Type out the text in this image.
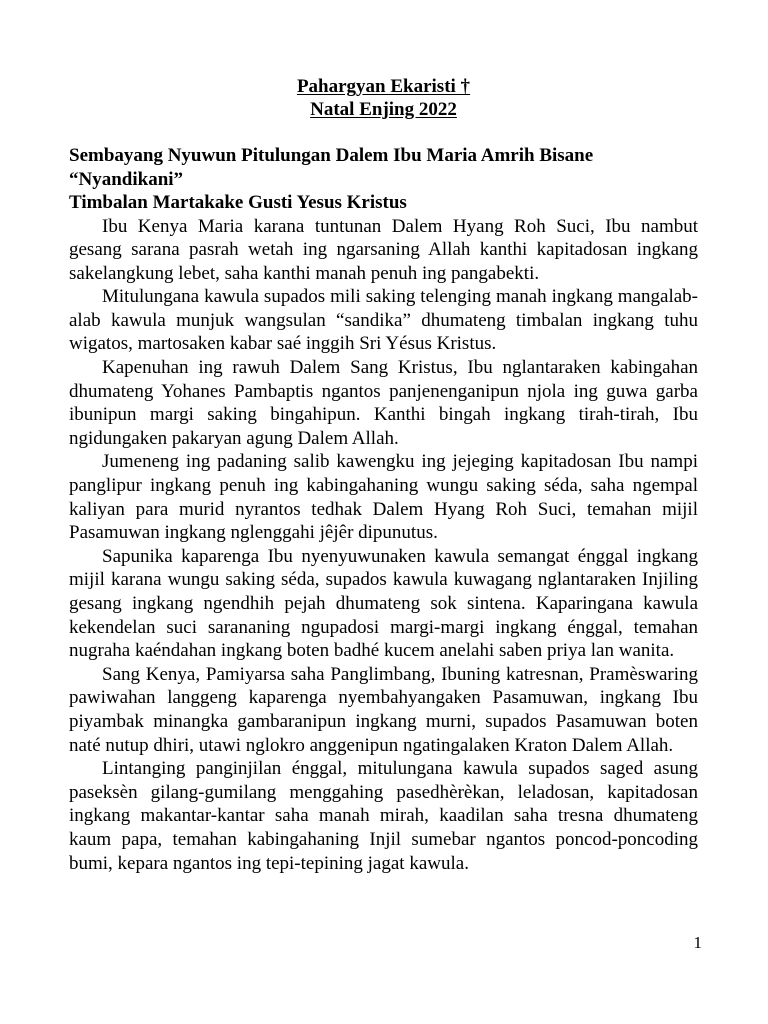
Pahargyan Ekaristi †
Natal Enjing 2022

Sembayang Nyuwun Pitulungan Dalem Ibu Maria Amrih Bisane “Nyandikani”

Timbalan Martakake Gusti Yesus Kristus

Ibu Kenya Maria karana tuntunan Dalem Hyang Roh Suci, Ibu nambut gesang sarana pasrah wetah ing ngarsaning Allah kanthi kapitadosan ingkang sakelangkung lebet, saha kanthi manah penuh ing pangabekti.

Mitulungana kawula supados mili saking telenging manah ingkang mangalab-alab kawula munjuk wangsulan “sandika” dhumateng timbalan ingkang tuhu wigatos, martosaken kabar saé inggih Sri Yésus Kristus.

Kapenuhan ing rawuh Dalem Sang Kristus, Ibu nglantaraken kabingahan dhumateng Yohanes Pambaptis ngantos panjenenganipun njola ing guwa garba ibunipun margi saking bingahipun. Kanthi bingah ingkang tirah-tirah, Ibu ngidungaken pakaryan agung Dalem Allah.

Jumeneng ing padaning salib kawengku ing jejeging kapitadosan Ibu nampi panglipur ingkang penuh ing kabingahaning wungu saking séda, saha ngempal kaliyan para murid nyrantos tedhak Dalem Hyang Roh Suci, temahan mijil Pasamuwan ingkang nglenggahi jêjêr dipunutus.

Sapunika kaparenga Ibu nyenyuwunaken kawula semangat énggal ingkang mijil karana wungu saking séda, supados kawula kuwagang nglantaraken Injiling gesang ingkang ngendhih pejah dhumateng sok sintena. Kaparingana kawula kekendelan suci sarananing ngupadosi margi-margi ingkang énggal, temahan nugraha kaéndahan ingkang boten badhé kucem anelahi saben priya lan wanita.

Sang Kenya, Pamiyarsa saha Panglimbang, Ibuning katresnan, Pramèswaring pawiwahan langgeng kaparenga nyembahyangaken Pasamuwan, ingkang Ibu piyambak minangka gambaranipun ingkang murni, supados Pasamuwan boten naté nutup dhiri, utawi nglokro anggenipun ngatingalaken Kraton Dalem Allah.

Lintanging panginjilan énggal, mitulungana kawula supados saged asung paseksèn gilang-gumilang menggahing pasedhèrèkan, leladosan, kapitadosan ingkang makantar-kantar saha manah mirah, kaadilan saha tresna dhumateng kaum papa, temahan kabingahaning Injil sumebar ngantos poncod-poncoding bumi, kepara ngantos ing tepi-tepining jagat kawula.

1
